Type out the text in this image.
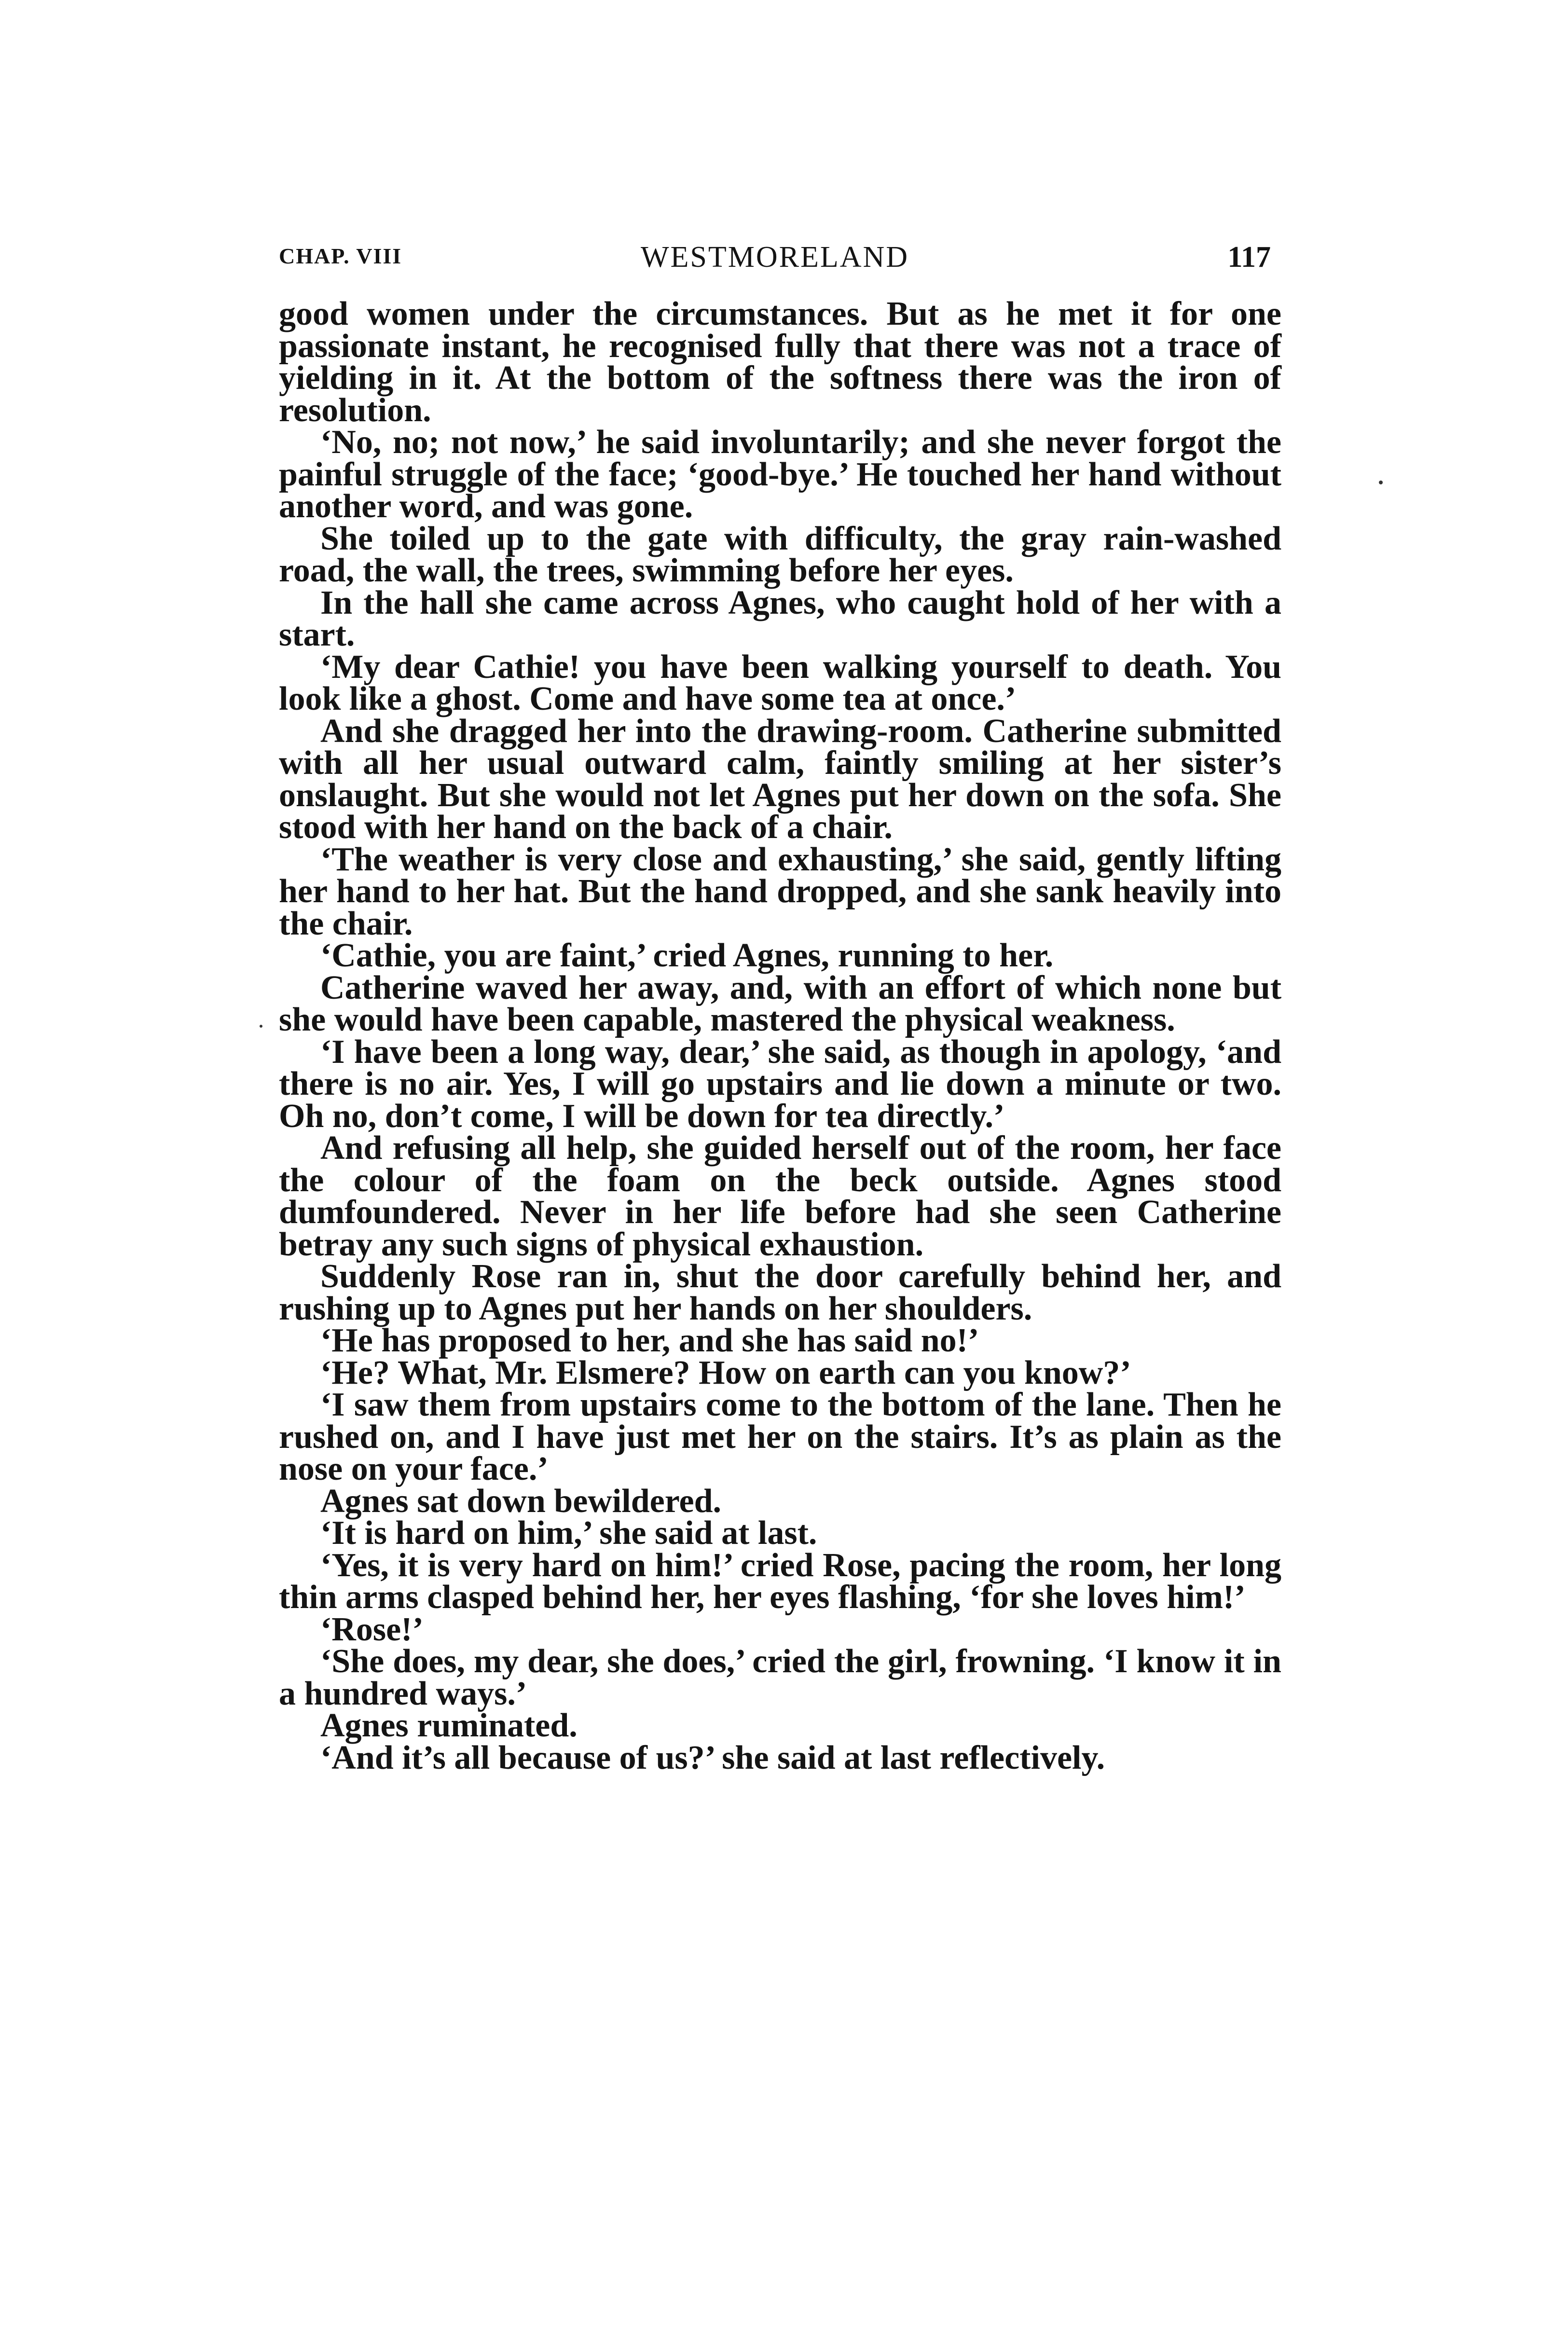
CHAP. VIII	WESTMORELAND	117

good women under the circumstances. But as he met it for one passionate instant, he recognised fully that there was not a trace of yielding in it. At the bottom of the softness there was the iron of resolution.

‘No, no; not now,’ he said involuntarily; and she never forgot the painful struggle of the face; ‘good-bye.’ He touched her hand without another word, and was gone.

She toiled up to the gate with difficulty, the gray rain-washed road, the wall, the trees, swimming before her eyes.

In the hall she came across Agnes, who caught hold of her with a start.

‘My dear Cathie! you have been walking yourself to death. You look like a ghost. Come and have some tea at once.’

And she dragged her into the drawing-room. Catherine submitted with all her usual outward calm, faintly smiling at her sister’s onslaught. But she would not let Agnes put her down on the sofa. She stood with her hand on the back of a chair.

‘The weather is very close and exhausting,’ she said, gently lifting her hand to her hat. But the hand dropped, and she sank heavily into the chair.

‘Cathie, you are faint,’ cried Agnes, running to her.

Catherine waved her away, and, with an effort of which none but she would have been capable, mastered the physical weakness.

‘I have been a long way, dear,’ she said, as though in apology, ‘and there is no air. Yes, I will go upstairs and lie down a minute or two. Oh no, don’t come, I will be down for tea directly.’

And refusing all help, she guided herself out of the room, her face the colour of the foam on the beck outside. Agnes stood dumfoundered. Never in her life before had she seen Catherine betray any such signs of physical exhaustion.

Suddenly Rose ran in, shut the door carefully behind her, and rushing up to Agnes put her hands on her shoulders.

‘He has proposed to her, and she has said no!’

‘He? What, Mr. Elsmere? How on earth can you know?’

‘I saw them from upstairs come to the bottom of the lane. Then he rushed on, and I have just met her on the stairs. It’s as plain as the nose on your face.’

Agnes sat down bewildered.

‘It is hard on him,’ she said at last.

‘Yes, it is very hard on him!’ cried Rose, pacing the room, her long thin arms clasped behind her, her eyes flashing, ‘for she loves him!’

‘Rose!’

‘She does, my dear, she does,’ cried the girl, frowning. ‘I know it in a hundred ways.’

Agnes ruminated.

‘And it’s all because of us?’ she said at last reflectively.
